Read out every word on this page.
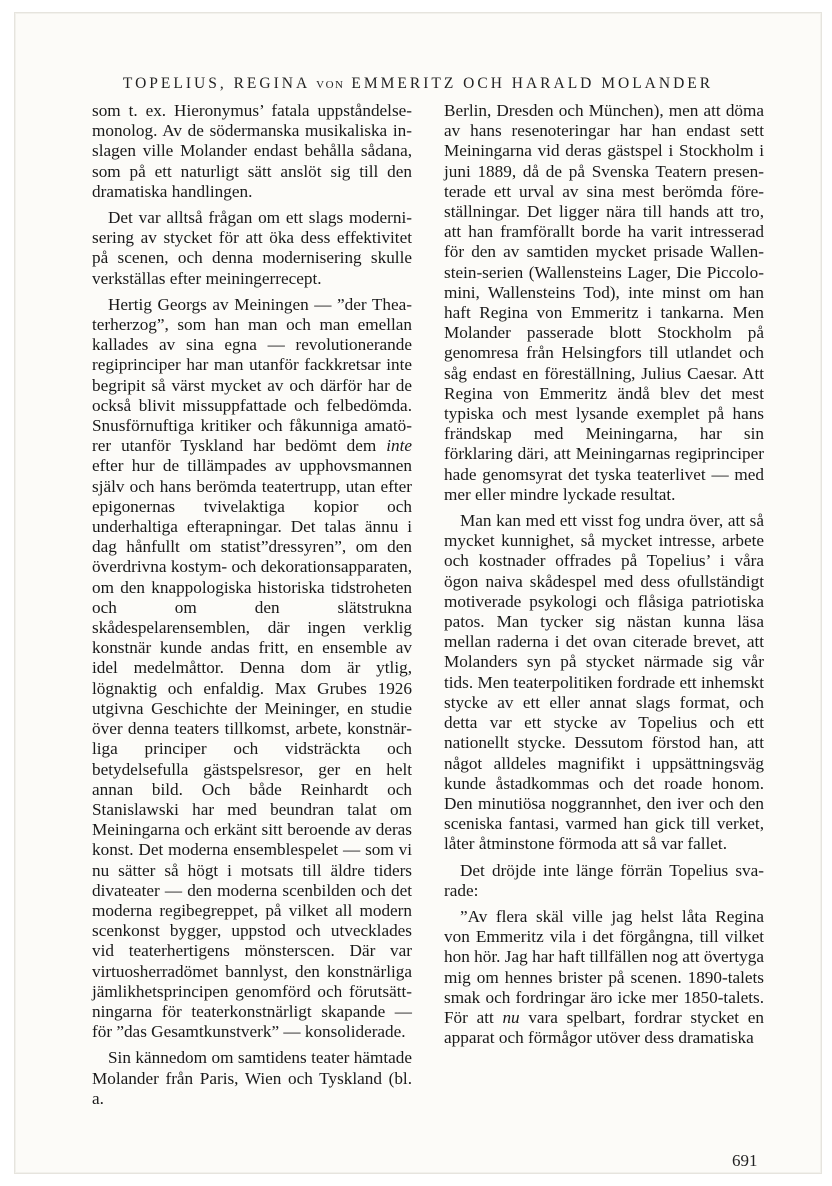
TOPELIUS, REGINA VON EMMERITZ OCH HARALD MOLANDER

som t. ex. Hieronymus’ fatala uppståndelsemonolog. Av de södermanska musikaliska inslagen ville Molander endast behålla sådana, som på ett naturligt sätt anslöt sig till den dramatiska handlingen.

Det var alltså frågan om ett slags modernisering av stycket för att öka dess effektivitet på scenen, och denna modernisering skulle verkställas efter meiningerrecept.

Hertig Georgs av Meiningen — ”der Theaterherzog”, som han man och man emellan kallades av sina egna — revolutionerande regiprinciper har man utanför fackkretsar inte begripit så värst mycket av och därför har de också blivit missuppfattade och felbedömda. Snusförnuftiga kritiker och fåkunniga amatörer utanför Tyskland har bedömt dem inte efter hur de tillämpades av upphovsmannen själv och hans berömda teatertrupp, utan efter epigonernas tvivelaktiga kopior och underhaltiga efterapningar. Det talas ännu i dag hånfullt om statist”dressyren”, om den överdrivna kostym- och dekorationsapparaten, om den knappologiska historiska tidstroheten och om den slätstrukna skådespelarensemblen, där ingen verklig konstnär kunde andas fritt, en ensemble av idel medelmåttor. Denna dom är ytlig, lögnaktig och enfaldig. Max Grubes 1926 utgivna Geschichte der Meininger, en studie över denna teaters tillkomst, arbete, konstnärliga principer och vidsträckta och betydelsefulla gästspelsresor, ger en helt annan bild. Och både Reinhardt och Stanislawski har med beundran talat om Meiningarna och erkänt sitt beroende av deras konst. Det moderna ensemblespelet — som vi nu sätter så högt i motsats till äldre tiders divateater — den moderna scenbilden och det moderna regibegreppet, på vilket all modern scenkonst bygger, uppstod och utvecklades vid teaterhertigens mönsterscen. Där var virtuosherradömet bannlyst, den konstnärliga jämlikhetsprincipen genomförd och förutsättningarna för teaterkonstnärligt skapande — för ”das Gesamtkunstverk” — konsoliderade.

Sin kännedom om samtidens teater hämtade Molander från Paris, Wien och Tyskland (bl. a.

Berlin, Dresden och München), men att döma av hans resenoteringar har han endast sett Meiningarna vid deras gästspel i Stockholm i juni 1889, då de på Svenska Teatern presenterade ett urval av sina mest berömda föreställningar. Det ligger nära till hands att tro, att han framförallt borde ha varit intresserad för den av samtiden mycket prisade Wallenstein-serien (Wallensteins Lager, Die Piccolomini, Wallensteins Tod), inte minst om han haft Regina von Emmeritz i tankarna. Men Molander passerade blott Stockholm på genomresa från Helsingfors till utlandet och såg endast en föreställning, Julius Caesar. Att Regina von Emmeritz ändå blev det mest typiska och mest lysande exemplet på hans frändskap med Meiningarna, har sin förklaring däri, att Meiningarnas regiprinciper hade genomsyrat det tyska teaterlivet — med mer eller mindre lyckade resultat.

Man kan med ett visst fog undra över, att så mycket kunnighet, så mycket intresse, arbete och kostnader offrades på Topelius’ i våra ögon naiva skådespel med dess ofullständigt motiverade psykologi och flåsiga patriotiska patos. Man tycker sig nästan kunna läsa mellan raderna i det ovan citerade brevet, att Molanders syn på stycket närmade sig vår tids. Men teaterpolitiken fordrade ett inhemskt stycke av ett eller annat slags format, och detta var ett stycke av Topelius och ett nationellt stycke. Dessutom förstod han, att något alldeles magnifikt i uppsättningsväg kunde åstadkommas och det roade honom. Den minutiösa noggrannhet, den iver och den sceniska fantasi, varmed han gick till verket, låter åtminstone förmoda att så var fallet.

Det dröjde inte länge förrän Topelius svarade:

”Av flera skäl ville jag helst låta Regina von Emmeritz vila i det förgångna, till vilket hon hör. Jag har haft tillfällen nog att övertyga mig om hennes brister på scenen. 1890-talets smak och fordringar äro icke mer 1850-talets. För att nu vara spelbart, fordrar stycket en apparat och förmågor utöver dess dramatiska

691
